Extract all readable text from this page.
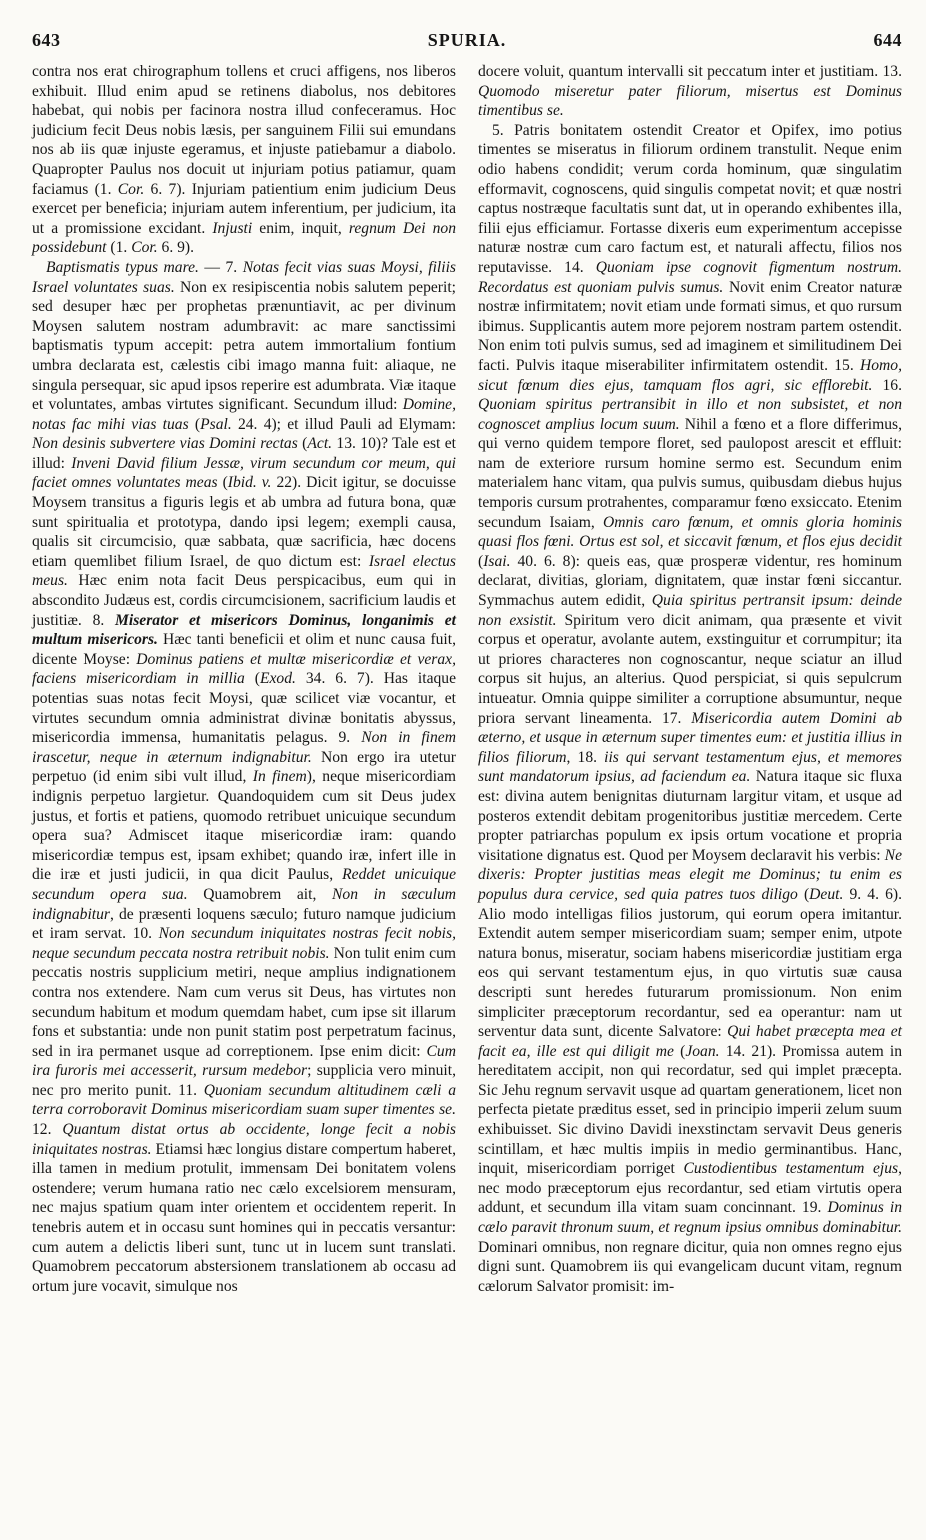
643	SPURIA.	644

contra nos erat chirographum tollens et cruci affigens, nos liberos exhibuit. Illud enim apud se retinens diabolus, nos debitores habebat, qui nobis per facinora nostra illud confecerаmus. Hoc judicium fecit Deus nobis læsis, per sanguinem Filii sui emundans nos ab iis quæ injuste egeramus, et injuste patiebamur a diabolo. Quapropter Paulus nos docuit ut injuriam potius patiamur, quam faciamus (1. Cor. 6. 7). Injuriam patientium enim judicium Deus exercet per beneficia; injuriam autem inferentium, per judicium, ita ut a promissione excidant. Injusti enim, inquit, regnum Dei non possidebunt (1. Cor. 6. 9).

Baptismatis typus mare. — 7. Notas fecit vias suas Moysi, filiis Israel voluntates suas. Non ex resipiscentia nobis salutem peperit; sed desuper hæc per prophetas prænuntiavit, ac per divinum Moysen salutem nostram adumbravit: ac mare sanctissimi baptismatis typum accepit: petra autem immortalium fontium umbra declarata est, cælestis cibi imago manna fuit: aliaque, ne singula persequar, sic apud ipsos reperire est adumbrata. Viæ itaque et voluntates, ambas virtutes significant. Secundum illud: Domine, notas fac mihi vias tuas (Psal. 24. 4); et illud Pauli ad Elymam: Non desinis subvertere vias Domini rectas (Act. 13. 10)? Tale est et illud: Inveni David filium Jessæ, virum secundum cor meum, qui faciet omnes voluntates meas (Ibid. v. 22). Dicit igitur, se docuisse Moysem transitus a figuris legis et ab umbra ad futura bona, quæ sunt spiritualia et prototypa, dando ipsi legem; exempli causa, qualis sit circumcisio, quæ sabbata, quæ sacrificia, hæc docens etiam quemlibet filium Israel, de quo dictum est: Israel electus meus. Hæc enim nota facit Deus perspicacibus, eum qui in abscondito Judæus est, cordis circumcisionem, sacrificium laudis et justitiæ. 8. Miserator et misericors Dominus, longanimis et multum misericors. Hæc tanti beneficii et olim et nunc causa fuit, dicente Moyse: Dominus patiens et multæ misericordiæ et verax, faciens misericordiam in millia (Exod. 34. 6. 7). Has itaque potentias suas notas fecit Moysi, quæ scilicet viæ vocantur, et virtutes secundum omnia administrat divinæ bonitatis abyssus, misericordia immensa, humanitatis pelagus. 9. Non in finem irascetur, neque in æternum indignabitur. Non ergo ira utetur perpetuo (id enim sibi vult illud, In finem), neque misericordiam indignis perpetuo largietur. Quandoquidem cum sit Deus judex justus, et fortis et patiens, quomodo retribuet unicuique secundum opera sua? Admiscet itaque misericordiæ iram: quando misericordiæ tempus est, ipsam exhibet; quando iræ, infert ille in die iræ et justi judicii, in qua dicit Paulus, Reddet unicuique secundum opera sua. Quamobrem ait, Non in sæculum indignabitur, de præsenti loquens sæculo; futuro namque judicium et iram servat. 10. Non secundum iniquitates nostras fecit nobis, neque secundum peccata nostra retribuit nobis. Non tulit enim cum peccatis nostris supplicium metiri, neque amplius indignationem contra nos extendere. Nam cum verus sit Deus, has virtutes non secundum habitum et modum quemdam habet, cum ipse sit illarum fons et substantia: unde non punit statim post perpetratum facinus, sed in ira permanet usque ad correptionem. Ipse enim dicit: Cum ira furoris mei accesserit, rursum medebor; supplicia vero minuit, nec pro merito punit. 11. Quoniam secundum altitudinem cæli a terra corroboravit Dominus misericordiam suam super timentes se. 12. Quantum distat ortus ab occidente, longe fecit a nobis iniquitates nostras. Etiamsi hæc longius distare compertum haberet, illa tamen in medium protulit, immensam Dei bonitatem volens ostendere; verum humana ratio nec cælo excelsiorem mensuram, nec majus spatium quam inter orientem et occidentem reperit. In tenebris autem et in occasu sunt homines qui in peccatis versantur: cum autem a delictis liberi sunt, tunc ut in lucem sunt translati. Quamobrem peccatorum abstersionem translationem ab occasu ad ortum jure vocavit, simulque nos

docere voluit, quantum intervalli sit peccatum inter et justitiam. 13. Quomodo miseretur pater filiorum, misertus est Dominus timentibus se.

5. Patris bonitatem ostendit Creator et Opifex, imo potius timentes se miseratus in filiorum ordinem transtulit. Neque enim odio habens condidit; verum corda hominum, quæ singulatim efformavit, cognoscens, quid singulis competat novit; et quæ nostri captus nostræque facultatis sunt dat, ut in operando exhibentes illa, filii ejus efficiamur. Fortasse dixeris eum experimentum accepisse naturæ nostræ cum caro factum est, et naturali affectu, filios nos reputavisse. 14. Quoniam ipse cognovit figmentum nostrum. Recordatus est quoniam pulvis sumus. Novit enim Creator naturæ nostræ infirmitatem; novit etiam unde formati simus, et quo rursum ibimus. Supplicantis autem more pejorem nostram partem ostendit. Non enim toti pulvis sumus, sed ad imaginem et similitudinem Dei facti. Pulvis itaque miserabiliter infirmitatem ostendit. 15. Homo, sicut fœnum dies ejus, tamquam flos agri, sic efflorebit. 16. Quoniam spiritus pertransibit in illo et non subsistet, et non cognoscet amplius locum suum. Nihil a fœno et a flore differimus, qui verno quidem tempore floret, sed paulopost arescit et effluit: nam de exteriore rursum homine sermo est. Secundum enim materialem hanc vitam, qua pulvis sumus, quibusdam diebus hujus temporis cursum protrahentes, comparamur fœno exsiccato. Etenim secundum Isaiam, Omnis caro fœnum, et omnis gloria hominis quasi flos fœni. Ortus est sol, et siccavit fœnum, et flos ejus decidit (Isai. 40. 6. 8): queis eas, quæ prosperæ videntur, res hominum declarat, divitias, gloriam, dignitatem, quæ instar fœni siccantur. Symmachus autem edidit, Quia spiritus pertransit ipsum: deinde non exsistit. Spiritum vero dicit animam, qua præsente et vivit corpus et operatur, avolante autem, exstinguitur et corrumpitur; ita ut priores characteres non cognoscantur, neque sciatur an illud corpus sit hujus, an alterius. Quod perspiciat, si quis sepulcrum intueatur. Omnia quippe similiter a corruptione absumuntur, neque priora servant lineamenta. 17. Misericordia autem Domini ab æterno, et usque in æternum super timentes eum: et justitia illius in filios filiorum, 18. iis qui servant testamentum ejus, et memores sunt mandatorum ipsius, ad faciendum ea. Natura itaque sic fluxa est: divina autem benignitas diuturnam largitur vitam, et usque ad posteros extendit debitam progenitoribus justitiæ mercedem. Certe propter patriarchas populum ex ipsis ortum vocatione et propria visitatione dignatus est. Quod per Moysem declaravit his verbis: Ne dixeris: Propter justitias meas elegit me Dominus; tu enim es populus dura cervice, sed quia patres tuos diligo (Deut. 9. 4. 6). Alio modo intelligas filios justorum, qui eorum opera imitantur. Extendit autem semper misericordiam suam; semper enim, utpote natura bonus, miseratur, sociam habens misericordiæ justitiam erga eos qui servant testamentum ejus, in quo virtutis suæ causa descripti sunt heredes futurarum promissionum. Non enim simpliciter præceptorum recordantur, sed ea operantur: nam ut serventur data sunt, dicente Salvatore: Qui habet præcepta mea et facit ea, ille est qui diligit me (Joan. 14. 21). Promissa autem in hereditatem accipit, non qui recordatur, sed qui implet præcepta. Sic Jehu regnum servavit usque ad quartam generationem, licet non perfecta pietate præditus esset, sed in principio imperii zelum suum exhibuisset. Sic divino Davidi inexstinctam servavit Deus generis scintillam, et hæc multis impiis in medio germinantibus. Hanc, inquit, misericordiam porriget Custodientibus testamentum ejus, nec modo præceptorum ejus recordantur, sed etiam virtutis opera addunt, et secundum illa vitam suam concinnant. 19. Dominus in cælo paravit thronum suum, et regnum ipsius omnibus dominabitur. Dominari omnibus, non regnare dicitur, quia non omnes regno ejus digni sunt. Quamobrem iis qui evangelicam ducunt vitam, regnum cælorum Salvator promisit: im-
